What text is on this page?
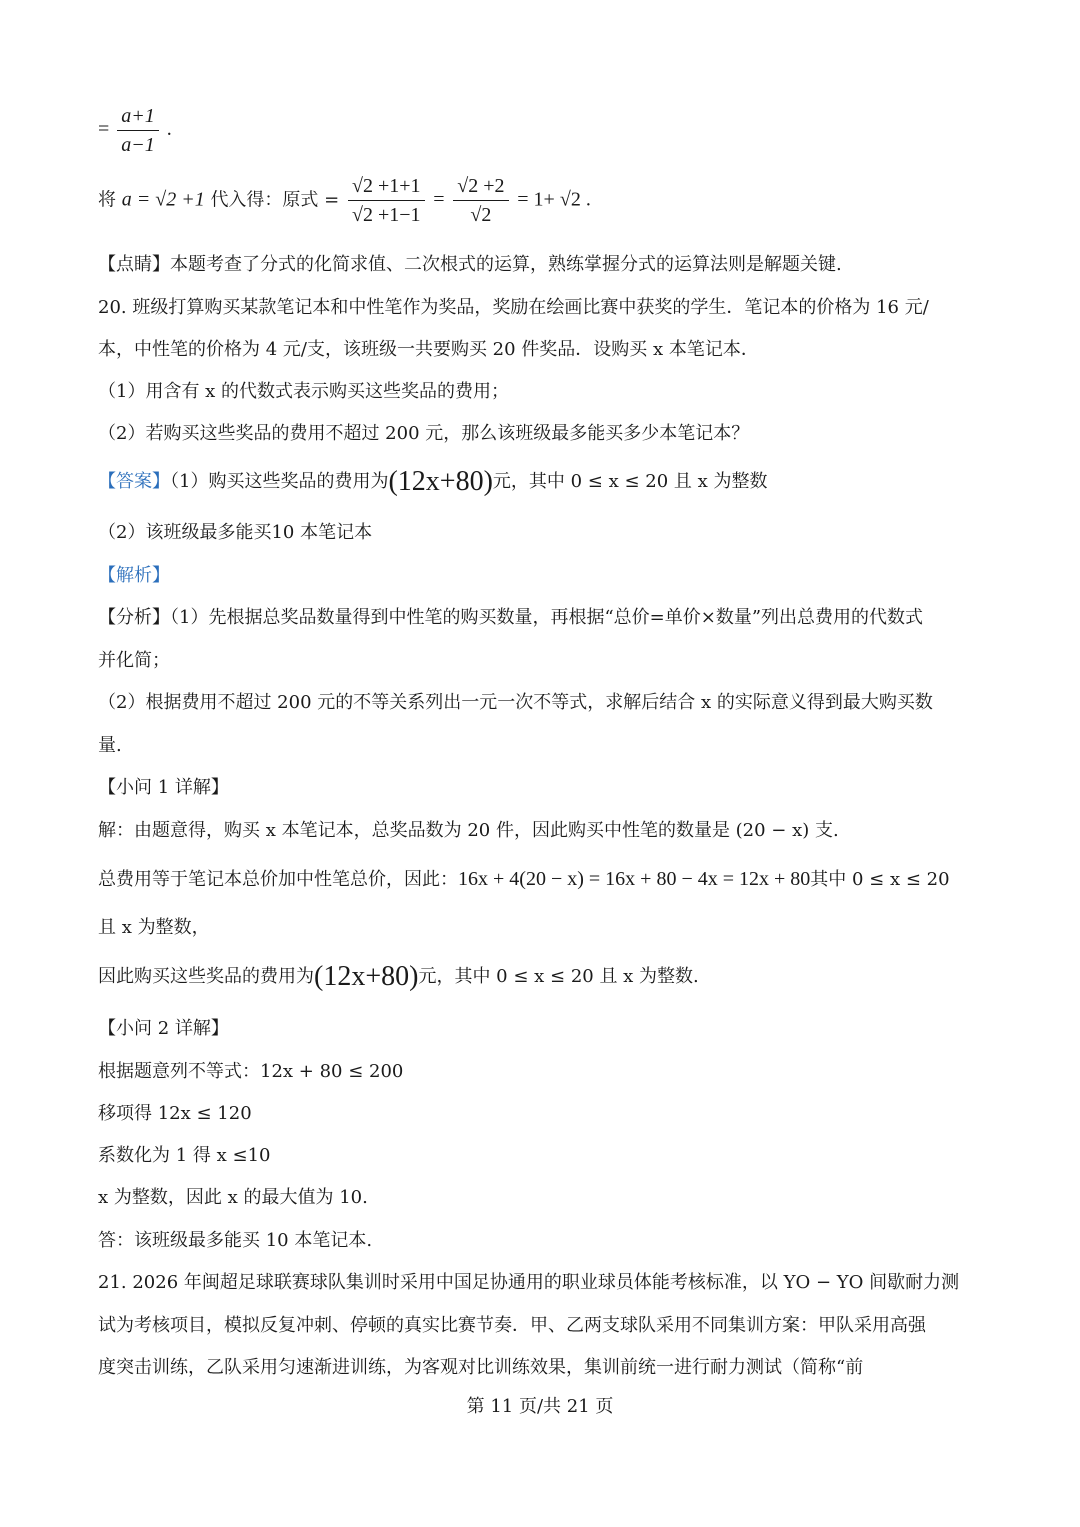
= $\frac{a+1}{a-1}$ .
将 a = √2 +1 代入得：原式 = $\frac{√2 +1+1}{√2 +1-1} = \frac{√2 +2}{√2} = 1+ √2$ .
【点睛】本题考查了分式的化简求值、二次根式的运算，熟练掌握分式的运算法则是解题关键.
20. 班级打算购买某款笔记本和中性笔作为奖品，奖励在绘画比赛中获奖的学生．笔记本的价格为 16 元/
本，中性笔的价格为 4 元/支，该班级一共要购买 20 件奖品．设购买 x 本笔记本．
（1）用含有 x 的代数式表示购买这些奖品的费用；
（2）若购买这些奖品的费用不超过 200 元，那么该班级最多能买多少本笔记本？
【答案】（1）购买这些奖品的费用为(12x+80)元，其中 0 ≤ x ≤ 20 且 x 为整数
（2）该班级最多能买10 本笔记本
【解析】
【分析】（1）先根据总奖品数量得到中性笔的购买数量，再根据“总价=单价×数量”列出总费用的代数式
并化简；
（2）根据费用不超过 200 元的不等关系列出一元一次不等式，求解后结合 x 的实际意义得到最大购买数
量.
【小问 1 详解】
解：由题意得，购买 x 本笔记本，总奖品数为 20 件，因此购买中性笔的数量是 (20 − x) 支.
总费用等于笔记本总价加中性笔总价，因此：16x + 4(20 − x) = 16x + 80 − 4x = 12x + 80其中 0 ≤ x ≤ 20
且 x 为整数，
因此购买这些奖品的费用为(12x+80)元，其中 0 ≤ x ≤ 20 且 x 为整数.
【小问 2 详解】
根据题意列不等式：12x + 80 ≤ 200
移项得 12x ≤ 120
系数化为 1 得 x ≤10
x 为整数，因此 x 的最大值为 10.
答：该班级最多能买 10 本笔记本.
21. 2026 年闽超足球联赛球队集训时采用中国足协通用的职业球员体能考核标准，以 YO − YO 间歇耐力测
试为考核项目，模拟反复冲刺、停顿的真实比赛节奏．甲、乙两支球队采用不同集训方案：甲队采用高强
度突击训练，乙队采用匀速渐进训练，为客观对比训练效果，集训前统一进行耐力测试（简称“前
第 11 页/共 21 页
